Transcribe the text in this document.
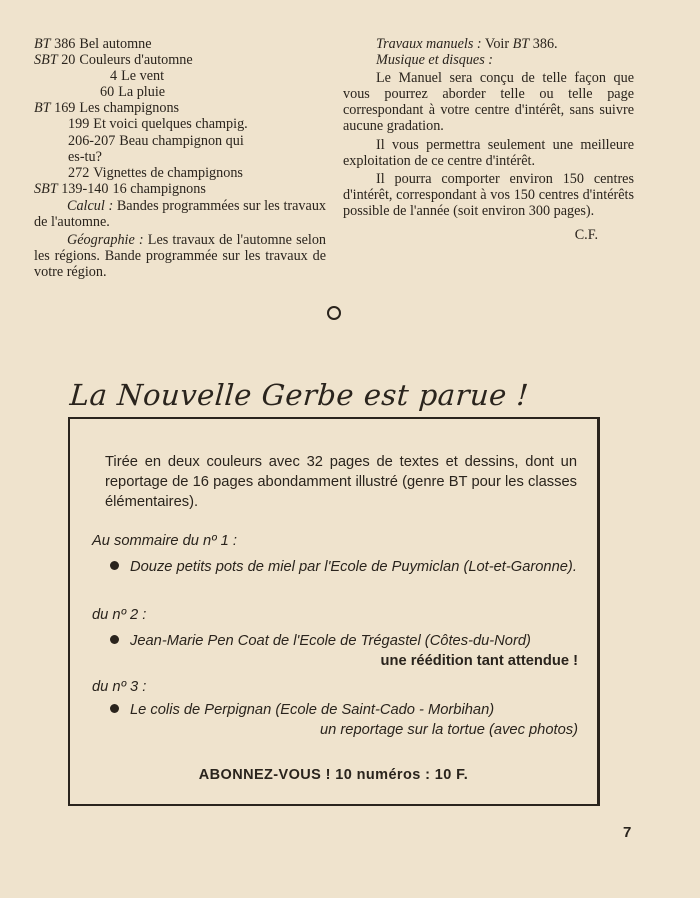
BT 386 Bel automne
SBT 20 Couleurs d'automne
4 Le vent
60 La pluie
BT 169 Les champignons
199 Et voici quelques champig.
206-207 Beau champignon qui
es-tu?
272 Vignettes de champignons
SBT 139-140 16 champignons
Calcul : Bandes programmées sur les travaux de l'automne.
Géographie : Les travaux de l'automne selon les régions. Bande programmée sur les travaux de votre région.
Travaux manuels : Voir BT 386.
Musique et disques :
Le Manuel sera conçu de telle façon que vous pourrez aborder telle ou telle page correspondant à votre centre d'intérêt, sans suivre aucune gradation.
Il vous permettra seulement une meilleure exploitation de ce centre d'intérêt.
Il pourra comporter environ 150 centres d'intérêt, correspondant à vos 150 centres d'intérêts possible de l'année (soit environ 300 pages).
C.F.
La Nouvelle Gerbe est parue !
Tirée en deux couleurs avec 32 pages de textes et dessins, dont un reportage de 16 pages abondamment illustré (genre BT pour les classes élémentaires).
Au sommaire du nº 1 :
Douze petits pots de miel par l'Ecole de Puymiclan (Lot-et-Garonne).
du nº 2 :
Jean-Marie Pen Coat de l'Ecole de Trégastel (Côtes-du-Nord)
une réédition tant attendue !
du nº 3 :
Le colis de Perpignan (Ecole de Saint-Cado - Morbihan)
un reportage sur la tortue (avec photos)
ABONNEZ-VOUS ! 10 numéros : 10 F.
7
